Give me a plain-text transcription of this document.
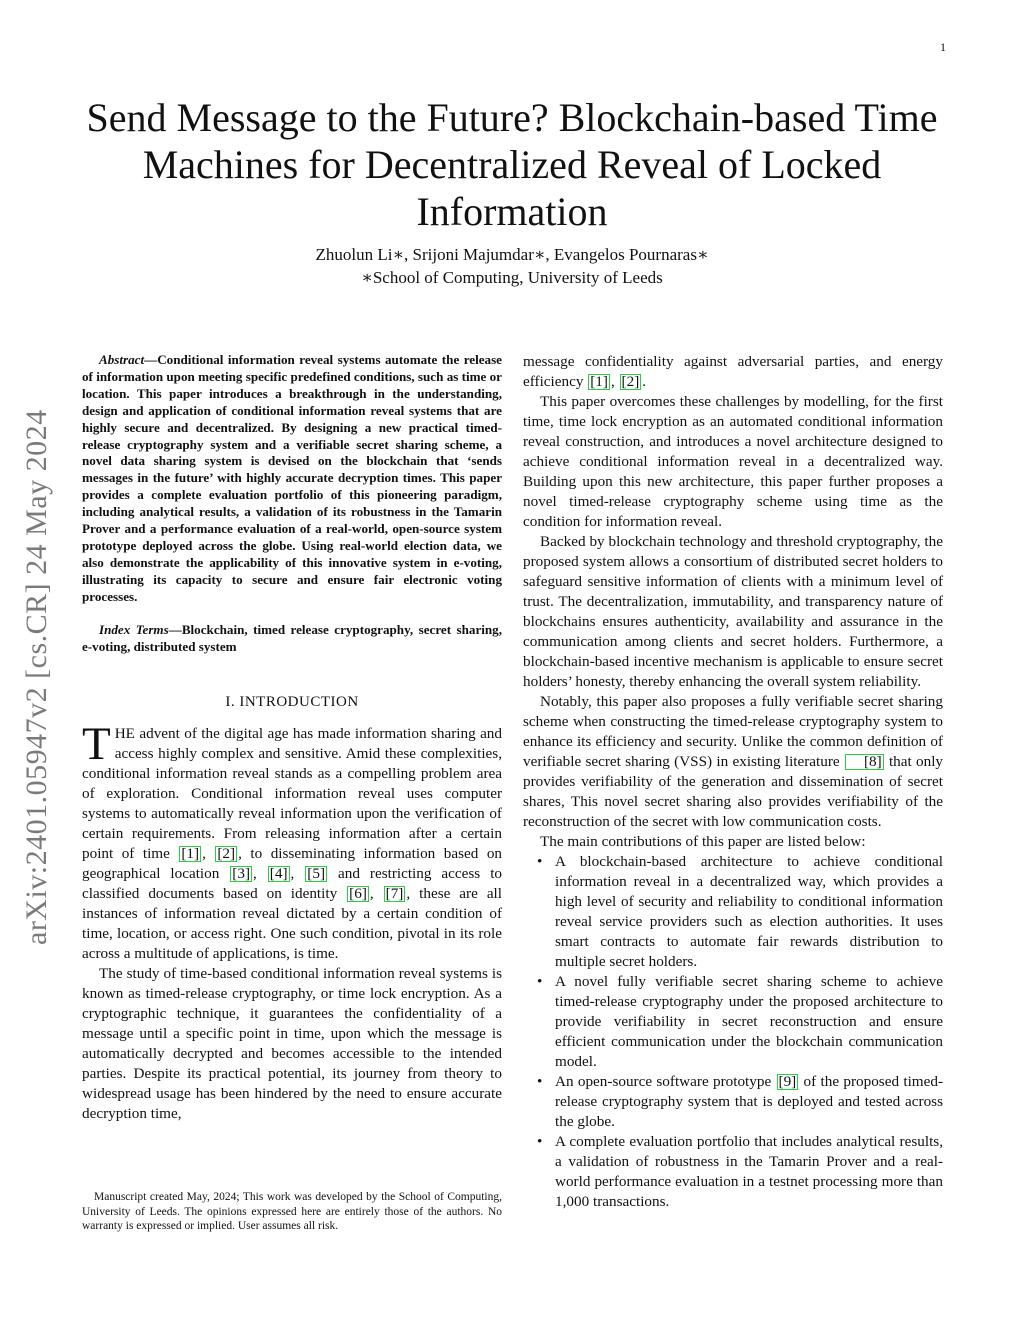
1
arXiv:2401.05947v2 [cs.CR] 24 May 2024
Send Message to the Future? Blockchain-based Time Machines for Decentralized Reveal of Locked Information
Zhuolun Li∗, Srijoni Majumdar∗, Evangelos Pournaras∗
∗School of Computing, University of Leeds

Abstract—Conditional information reveal systems automate the release of information upon meeting specific predefined conditions, such as time or location. This paper introduces a breakthrough in the understanding, design and application of conditional information reveal systems that are highly secure and decentralized. By designing a new practical timed-release cryptography system and a verifiable secret sharing scheme, a novel data sharing system is devised on the blockchain that ‘sends messages in the future’ with highly accurate decryption times. This paper provides a complete evaluation portfolio of this pioneering paradigm, including analytical results, a validation of its robustness in the Tamarin Prover and a performance evaluation of a real-world, open-source system prototype deployed across the globe. Using real-world election data, we also demonstrate the applicability of this innovative system in e-voting, illustrating its capacity to secure and ensure fair electronic voting processes.

Index Terms—Blockchain, timed release cryptography, secret sharing, e-voting, distributed system

I. INTRODUCTION

THE advent of the digital age has made information sharing and access highly complex and sensitive. Amid these complexities, conditional information reveal stands as a compelling problem area of exploration. Conditional information reveal uses computer systems to automatically reveal information upon the verification of certain requirements. From releasing information after a certain point of time [1] , [2] , to disseminating information based on geographical location [3] , [4] , [5] and restricting access to classified documents based on identity [6] , [7] , these are all instances of information reveal dictated by a certain condition of time, location, or access right. One such condition, pivotal in its role across a multitude of applications, is time.

The study of time-based conditional information reveal systems is known as timed-release cryptography, or time lock encryption. As a cryptographic technique, it guarantees the confidentiality of a message until a specific point in time, upon which the message is automatically decrypted and becomes accessible to the intended parties. Despite its practical potential, its journey from theory to widespread usage has been hindered by the need to ensure accurate decryption time,

Manuscript created May, 2024; This work was developed by the School of Computing, University of Leeds. The opinions expressed here are entirely those of the authors. No warranty is expressed or implied. User assumes all risk.

message confidentiality against adversarial parties, and energy efficiency [1] , [2] .

This paper overcomes these challenges by modelling, for the first time, time lock encryption as an automated conditional information reveal construction, and introduces a novel architecture designed to achieve conditional information reveal in a decentralized way. Building upon this new architecture, this paper further proposes a novel timed-release cryptography scheme using time as the condition for information reveal.

Backed by blockchain technology and threshold cryptography, the proposed system allows a consortium of distributed secret holders to safeguard sensitive information of clients with a minimum level of trust. The decentralization, immutability, and transparency nature of blockchains ensures authenticity, availability and assurance in the communication among clients and secret holders. Furthermore, a blockchain-based incentive mechanism is applicable to ensure secret holders’ honesty, thereby enhancing the overall system reliability.

Notably, this paper also proposes a fully verifiable secret sharing scheme when constructing the timed-release cryptography system to enhance its efficiency and security. Unlike the common definition of verifiable secret sharing (VSS) in existing literature [8] that only provides verifiability of the generation and dissemination of secret shares, This novel secret sharing also provides verifiability of the reconstruction of the secret with low communication costs.

The main contributions of this paper are listed below:

• A blockchain-based architecture to achieve conditional information reveal in a decentralized way, which provides a high level of security and reliability to conditional information reveal service providers such as election authorities. It uses smart contracts to automate fair rewards distribution to multiple secret holders.
• A novel fully verifiable secret sharing scheme to achieve timed-release cryptography under the proposed architecture to provide verifiability in secret reconstruction and ensure efficient communication under the blockchain communication model.
• An open-source software prototype [9] of the proposed timed-release cryptography system that is deployed and tested across the globe.
• A complete evaluation portfolio that includes analytical results, a validation of robustness in the Tamarin Prover and a real-world performance evaluation in a testnet processing more than 1,000 transactions.
